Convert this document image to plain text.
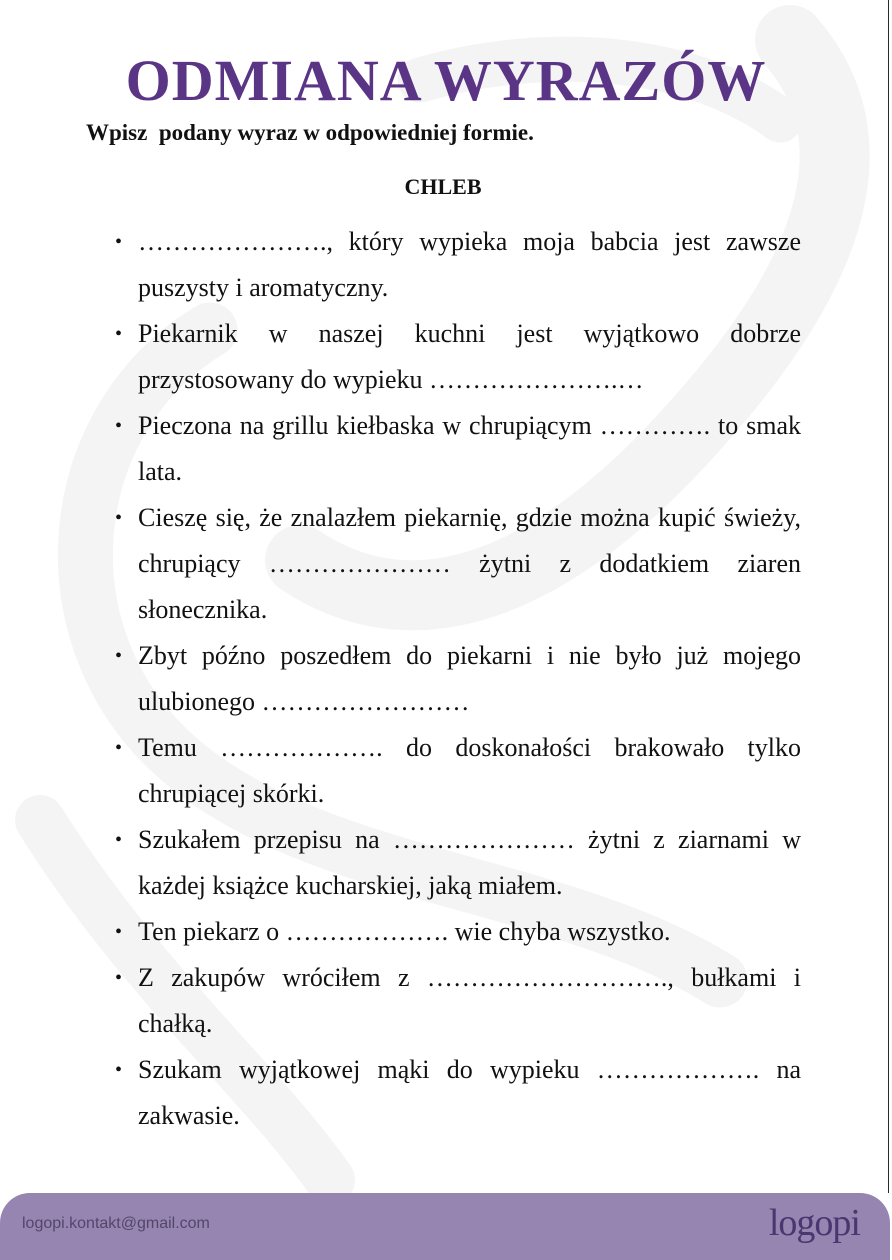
ODMIANA WYRAZÓW
Wpisz  podany wyraz w odpowiedniej formie.
CHLEB
• …………………., który wypieka moja babcia jest zawsze puszysty i aromatyczny.
• Piekarnik w naszej kuchni jest wyjątkowo dobrze przystosowany do wypieku ………………….…
• Pieczona na grillu kiełbaska w chrupiącym …………. to smak lata.
• Cieszę się, że znalazłem piekarnię, gdzie można kupić świeży, chrupiący ………………… żytni z dodatkiem ziaren słonecznika.
• Zbyt późno poszedłem do piekarni i nie było już mojego ulubionego ……………………
• Temu ………………. do doskonałości brakowało tylko chrupiącej skórki.
• Szukałem przepisu na ………………… żytni z ziarnami w każdej książce kucharskiej, jaką miałem.
• Ten piekarz o ………………. wie chyba wszystko.
• Z zakupów wróciłem z ………………………., bułkami i chałką.
• Szukam wyjątkowej mąki do wypieku ………………. na zakwasie.
logopi.kontakt@gmail.com	logopi
